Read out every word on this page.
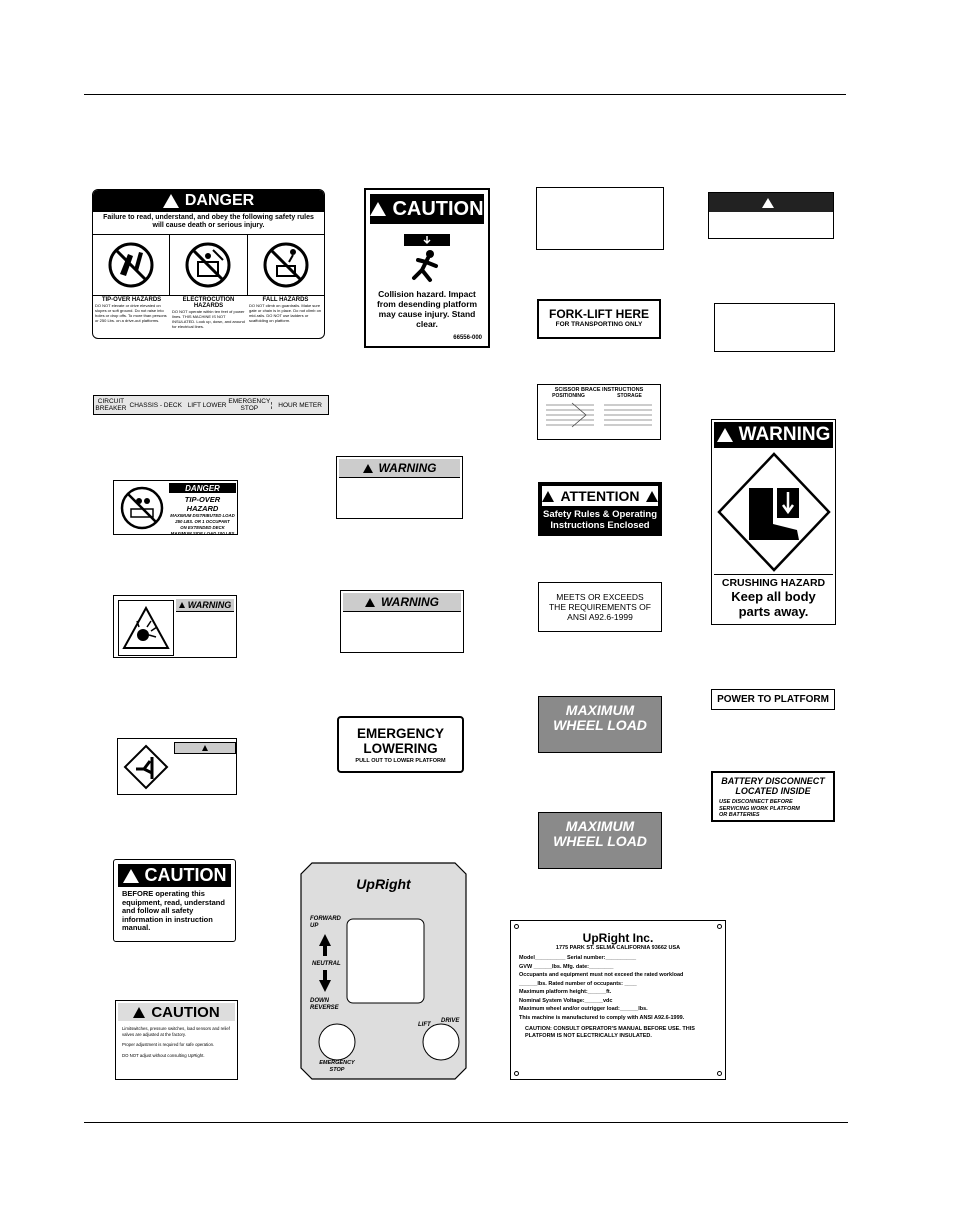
DANGER
Failure to read, understand, and obey the following safety rules will cause death or serious injury.
TIP-OVER HAZARDS
DO NOT elevate or drive elevated on slopes or soft ground. Do not raise into holes or drop offs. To more than persons or 250 Lbs. on a drive-out platforms.
ELECTROCUTION HAZARDS
DO NOT operate within ten feet of power lines. THIS MACHINE IS NOT INSULATED. Look up, down, and around for electrical lines.
FALL HAZARDS
DO NOT climb on guardrails. Make sure gate or chain is in place. Do not climb on mid-rails. DO NOT use ladders or scaffolding on platform.
CAUTION
Collision hazard. Impact from desending platform may cause injury. Stand clear.
66556-000
FORK-LIFT HERE
FOR TRANSPORTING ONLY
CIRCUIT BREAKER CHASSIS - DECK LIFT LOWER EMERGENCY STOP	HOUR METER
SCISSOR BRACE INSTRUCTIONS
POSITIONING	STORAGE
DANGER
TIP-OVER HAZARD
MAXIMUM DISTRIBUTED LOAD
250 LBS. OR 1 OCCUPANT
ON EXTENDED DECK
MAXIMUM SIDE LOAD 100 LBS
WARNING
ATTENTION
Safety Rules & Operating
Instructions Enclosed
WARNING
CRUSHING HAZARD
Keep all body
parts away.
WARNING	WARNING	MEETS OR EXCEEDS
THE REQUIREMENTS OF
ANSI A92.6-1999
MAXIMUM
WHEEL LOAD
POWER TO PLATFORM
EMERGENCY
LOWERING
PULL OUT TO LOWER PLATFORM
BATTERY DISCONNECT
LOCATED INSIDE
USE DISCONNECT BEFORE
SERVICING WORK PLATFORM
OR BATTERIES
MAXIMUM
WHEEL LOAD
CAUTION
BEFORE operating this
equipment, read, understand
and follow all safety
information in instruction
manual.
UpRight
FORWARD
UP
NEUTRAL
DOWN
REVERSE
LIFT
DRIVE
EMERGENCY
STOP
UpRight Inc.
1775 PARK ST. SELMA CALIFORNIA 93662 USA
Model__________ Serial number:__________
GVW ______lbs. Mfg. date:________
Occupants and equipment must not exceed the rated workload
______lbs. Rated number of occupants: ____
Maximum platform height:______ft.
Nominal System Voltage:______vdc
Maximum wheel and/or outrigger load:______lbs.
This machine is manufactured to comply with ANSI A92.6-1999.
CAUTION: CONSULT OPERATOR'S MANUAL BEFORE USE. THIS PLATFORM IS NOT ELECTRICALLY INSULATED.
CAUTION
Limitswitches, pressure switches, load sensors and relief valves are adjusted at the factory.
Proper adjustment is required for safe operation.
DO NOT adjust without consulting UpRight.
